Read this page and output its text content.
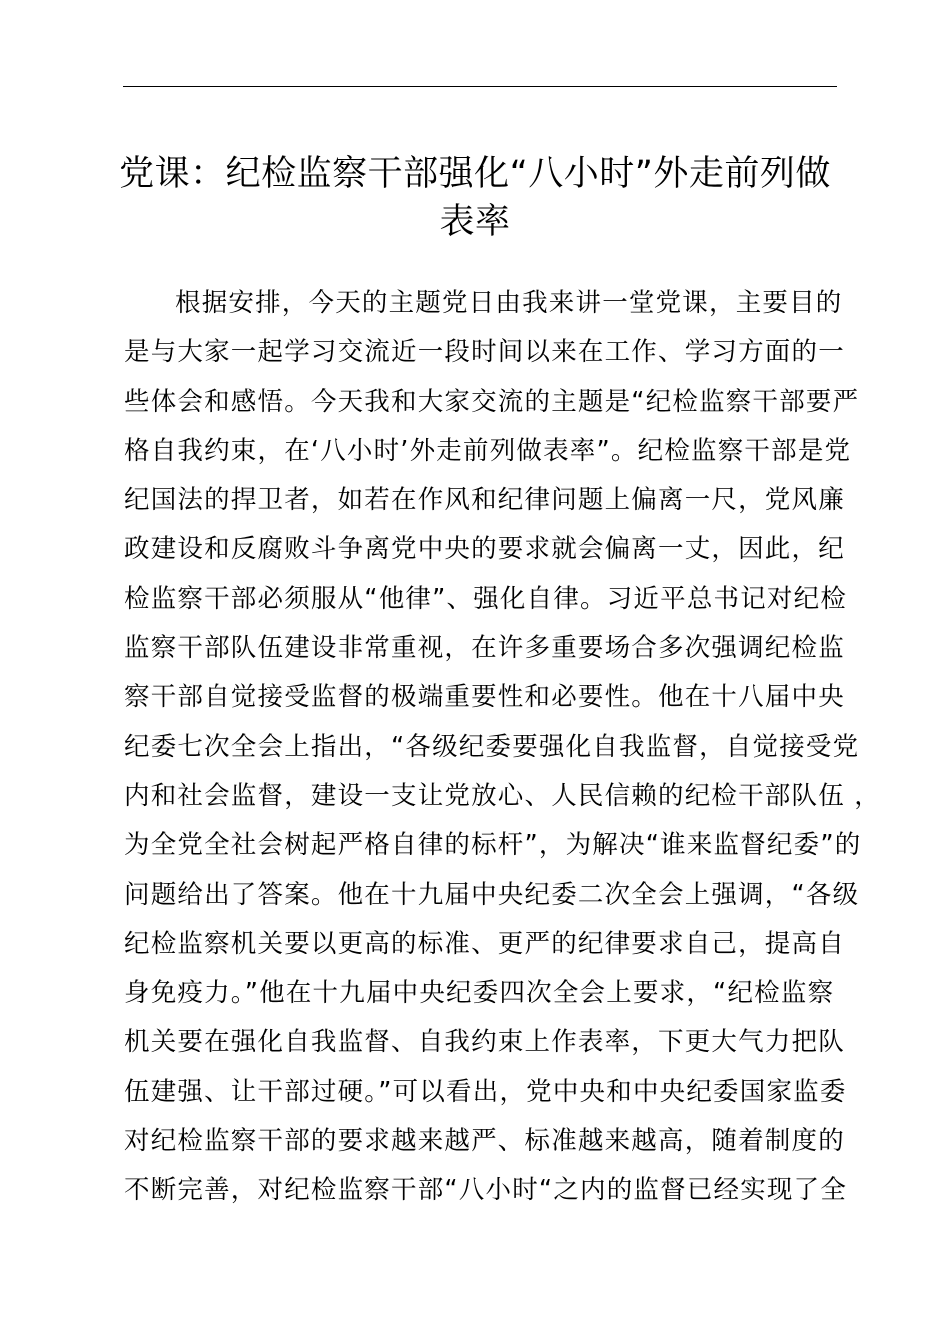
党课：纪检监察干部强化“八小时”外走前列做
表率
根据安排，今天的主题党日由我来讲一堂党课，主要目的
是与大家一起学习交流近一段时间以来在工作、学习方面的一
些体会和感悟。今天我和大家交流的主题是“纪检监察干部要严
格自我约束，在‘八小时’外走前列做表率”。纪检监察干部是党
纪国法的捍卫者，如若在作风和纪律问题上偏离一尺，党风廉
政建设和反腐败斗争离党中央的要求就会偏离一丈，因此，纪
检监察干部必须服从“他律”、强化自律。习近平总书记对纪检
监察干部队伍建设非常重视，在许多重要场合多次强调纪检监
察干部自觉接受监督的极端重要性和必要性。他在十八届中央
纪委七次全会上指出，“各级纪委要强化自我监督，自觉接受党
内和社会监督，建设一支让党放心、人民信赖的纪检干部队伍 ，
为全党全社会树起严格自律的标杆”，为解决“谁来监督纪委”的
问题给出了答案。他在十九届中央纪委二次全会上强调，“各级
纪检监察机关要以更高的标准、更严的纪律要求自己，提高自
身免疫力。”他在十九届中央纪委四次全会上要求，“纪检监察
机关要在强化自我监督、自我约束上作表率，下更大气力把队
伍建强、让干部过硬。”可以看出，党中央和中央纪委国家监委
对纪检监察干部的要求越来越严、标准越来越高，随着制度的
不断完善，对纪检监察干部“八小时“之内的监督已经实现了全
